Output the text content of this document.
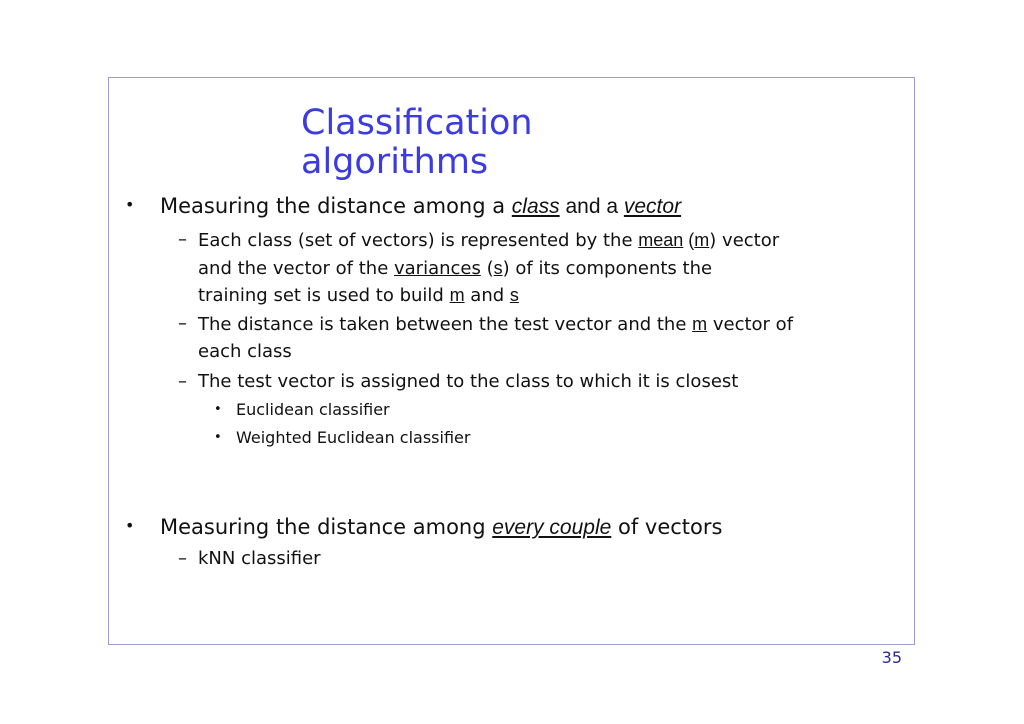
Classification algorithms
• Measuring the distance among a class and a vector
– Each class (set of vectors) is represented by the mean (m) vector
and the vector of the variances (s) of its components the
training set is used to build m and s
– The distance is taken between the test vector and the m vector of
each class
– The test vector is assigned to the class to which it is closest
• Euclidean classifier
• Weighted Euclidean classifier
• Measuring the distance among every couple of vectors
– kNN classifier
35
